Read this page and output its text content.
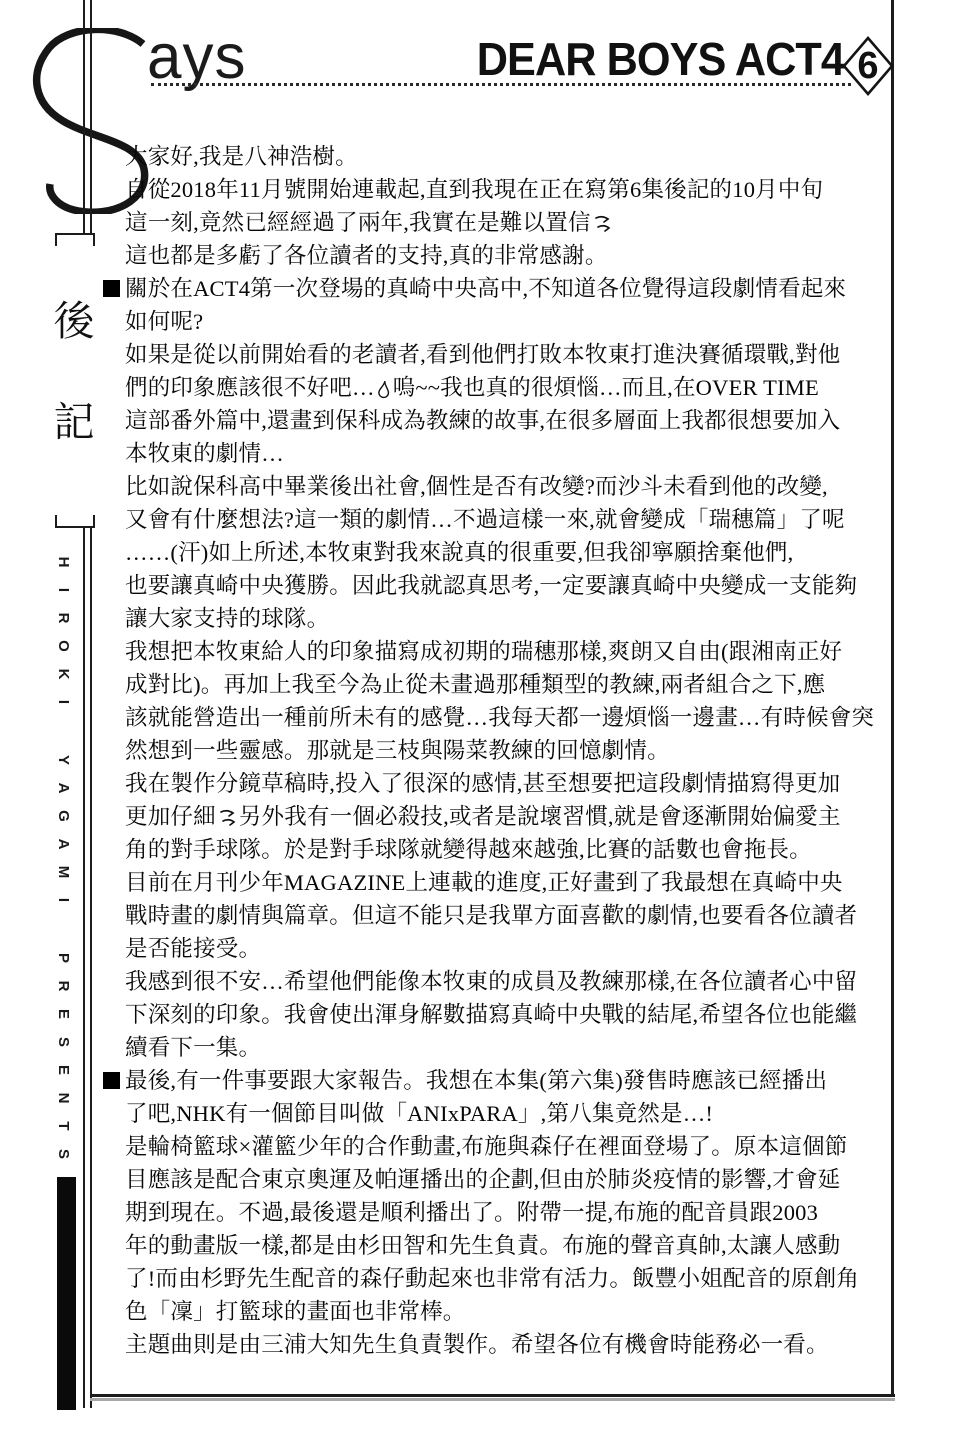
ays	DEAR BOYS ACT4 6
後
記
H
I
R
O
K
I
Y
A
G
A
M
I
P
R
E
S
E
N
T
S
大家好,我是八神浩樹。
自從2018年11月號開始連載起,直到我現在正在寫第6集後記的10月中旬
這一刻,竟然已經經過了兩年,我實在是難以置信
這也都是多虧了各位讀者的支持,真的非常感謝。
關於在ACT4第一次登場的真崎中央高中,不知道各位覺得這段劇情看起來
如何呢?
如果是從以前開始看的老讀者,看到他們打敗本牧東打進決賽循環戰,對他
們的印象應該很不好吧… 嗚~~我也真的很煩惱…而且,在OVER TIME
這部番外篇中,還畫到保科成為教練的故事,在很多層面上我都很想要加入
本牧東的劇情…
比如說保科高中畢業後出社會,個性是否有改變?而沙斗未看到他的改變,
又會有什麼想法?這一類的劇情…不過這樣一來,就會變成「瑞穗篇」了呢
……(汗)如上所述,本牧東對我來說真的很重要,但我卻寧願捨棄他們,
也要讓真崎中央獲勝。因此我就認真思考,一定要讓真崎中央變成一支能夠
讓大家支持的球隊。
我想把本牧東給人的印象描寫成初期的瑞穗那樣,爽朗又自由(跟湘南正好
成對比)。再加上我至今為止從未畫過那種類型的教練,兩者組合之下,應
該就能營造出一種前所未有的感覺…我每天都一邊煩惱一邊畫…有時候會突
然想到一些靈感。那就是三枝與陽菜教練的回憶劇情。
我在製作分鏡草稿時,投入了很深的感情,甚至想要把這段劇情描寫得更加
更加仔細 另外我有一個必殺技,或者是說壞習慣,就是會逐漸開始偏愛主
角的對手球隊。於是對手球隊就變得越來越強,比賽的話數也會拖長。
目前在月刊少年MAGAZINE上連載的進度,正好畫到了我最想在真崎中央
戰時畫的劇情與篇章。但這不能只是我單方面喜歡的劇情,也要看各位讀者
是否能接受。
我感到很不安…希望他們能像本牧東的成員及教練那樣,在各位讀者心中留
下深刻的印象。我會使出渾身解數描寫真崎中央戰的結尾,希望各位也能繼
續看下一集。
最後,有一件事要跟大家報告。我想在本集(第六集)發售時應該已經播出
了吧,NHK有一個節目叫做「ANIxPARA」,第八集竟然是…!
是輪椅籃球×灌籃少年的合作動畫,布施與森仔在裡面登場了。原本這個節
目應該是配合東京奧運及帕運播出的企劃,但由於肺炎疫情的影響,才會延
期到現在。不過,最後還是順利播出了。附帶一提,布施的配音員跟2003
年的動畫版一樣,都是由杉田智和先生負責。布施的聲音真帥,太讓人感動
了!而由杉野先生配音的森仔動起來也非常有活力。飯豐小姐配音的原創角
色「凜」打籃球的畫面也非常棒。
主題曲則是由三浦大知先生負責製作。希望各位有機會時能務必一看。
